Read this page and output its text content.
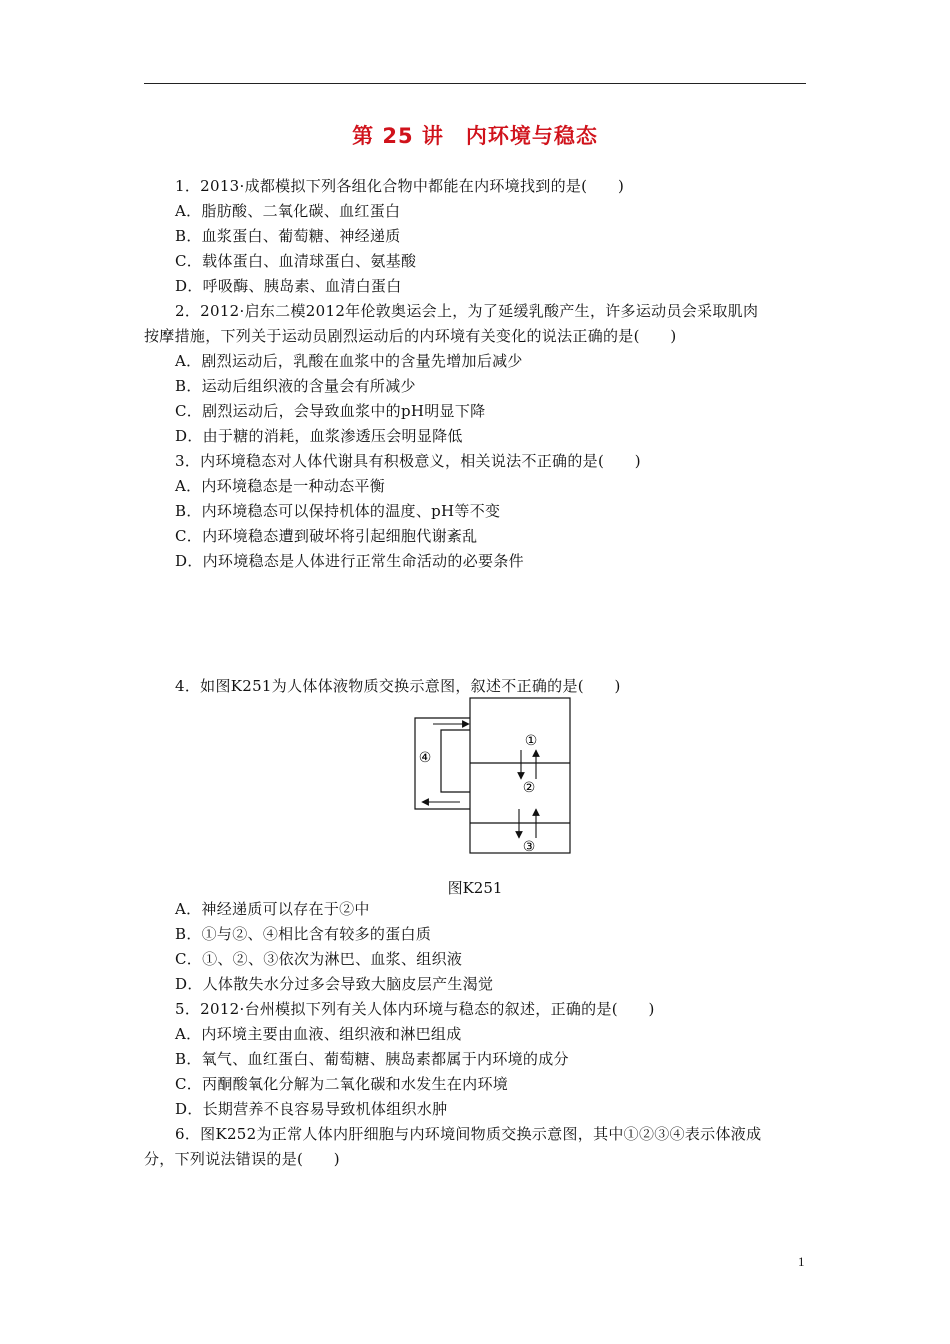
第 25 讲　内环境与稳态
1．2013·成都模拟下列各组化合物中都能在内环境找到的是(　　)
A．脂肪酸、二氧化碳、血红蛋白
B．血浆蛋白、葡萄糖、神经递质
C．载体蛋白、血清球蛋白、氨基酸
D．呼吸酶、胰岛素、血清白蛋白
2．2012·启东二模2012年伦敦奥运会上，为了延缓乳酸产生，许多运动员会采取肌肉
按摩措施，下列关于运动员剧烈运动后的内环境有关变化的说法正确的是(　　)
A．剧烈运动后，乳酸在血浆中的含量先增加后减少
B．运动后组织液的含量会有所减少
C．剧烈运动后，会导致血浆中的pH明显下降
D．由于糖的消耗，血浆渗透压会明显降低
3．内环境稳态对人体代谢具有积极意义，相关说法不正确的是(　　)
A．内环境稳态是一种动态平衡
B．内环境稳态可以保持机体的温度、pH等不变
C．内环境稳态遭到破坏将引起细胞代谢紊乱
D．内环境稳态是人体进行正常生命活动的必要条件
4．如图K251为人体体液物质交换示意图，叙述不正确的是(　　)
A．神经递质可以存在于②中
B．①与②、④相比含有较多的蛋白质
C．①、②、③依次为淋巴、血浆、组织液
D．人体散失水分过多会导致大脑皮层产生渴觉
5．2012·台州模拟下列有关人体内环境与稳态的叙述，正确的是(　　)
A．内环境主要由血液、组织液和淋巴组成
B．氧气、血红蛋白、葡萄糖、胰岛素都属于内环境的成分
C．丙酮酸氧化分解为二氧化碳和水发生在内环境
D．长期营养不良容易导致机体组织水肿
6．图K252为正常人体内肝细胞与内环境间物质交换示意图，其中①②③④表示体液成
分，下列说法错误的是(　　)
①
②
③
④
图K251
1
